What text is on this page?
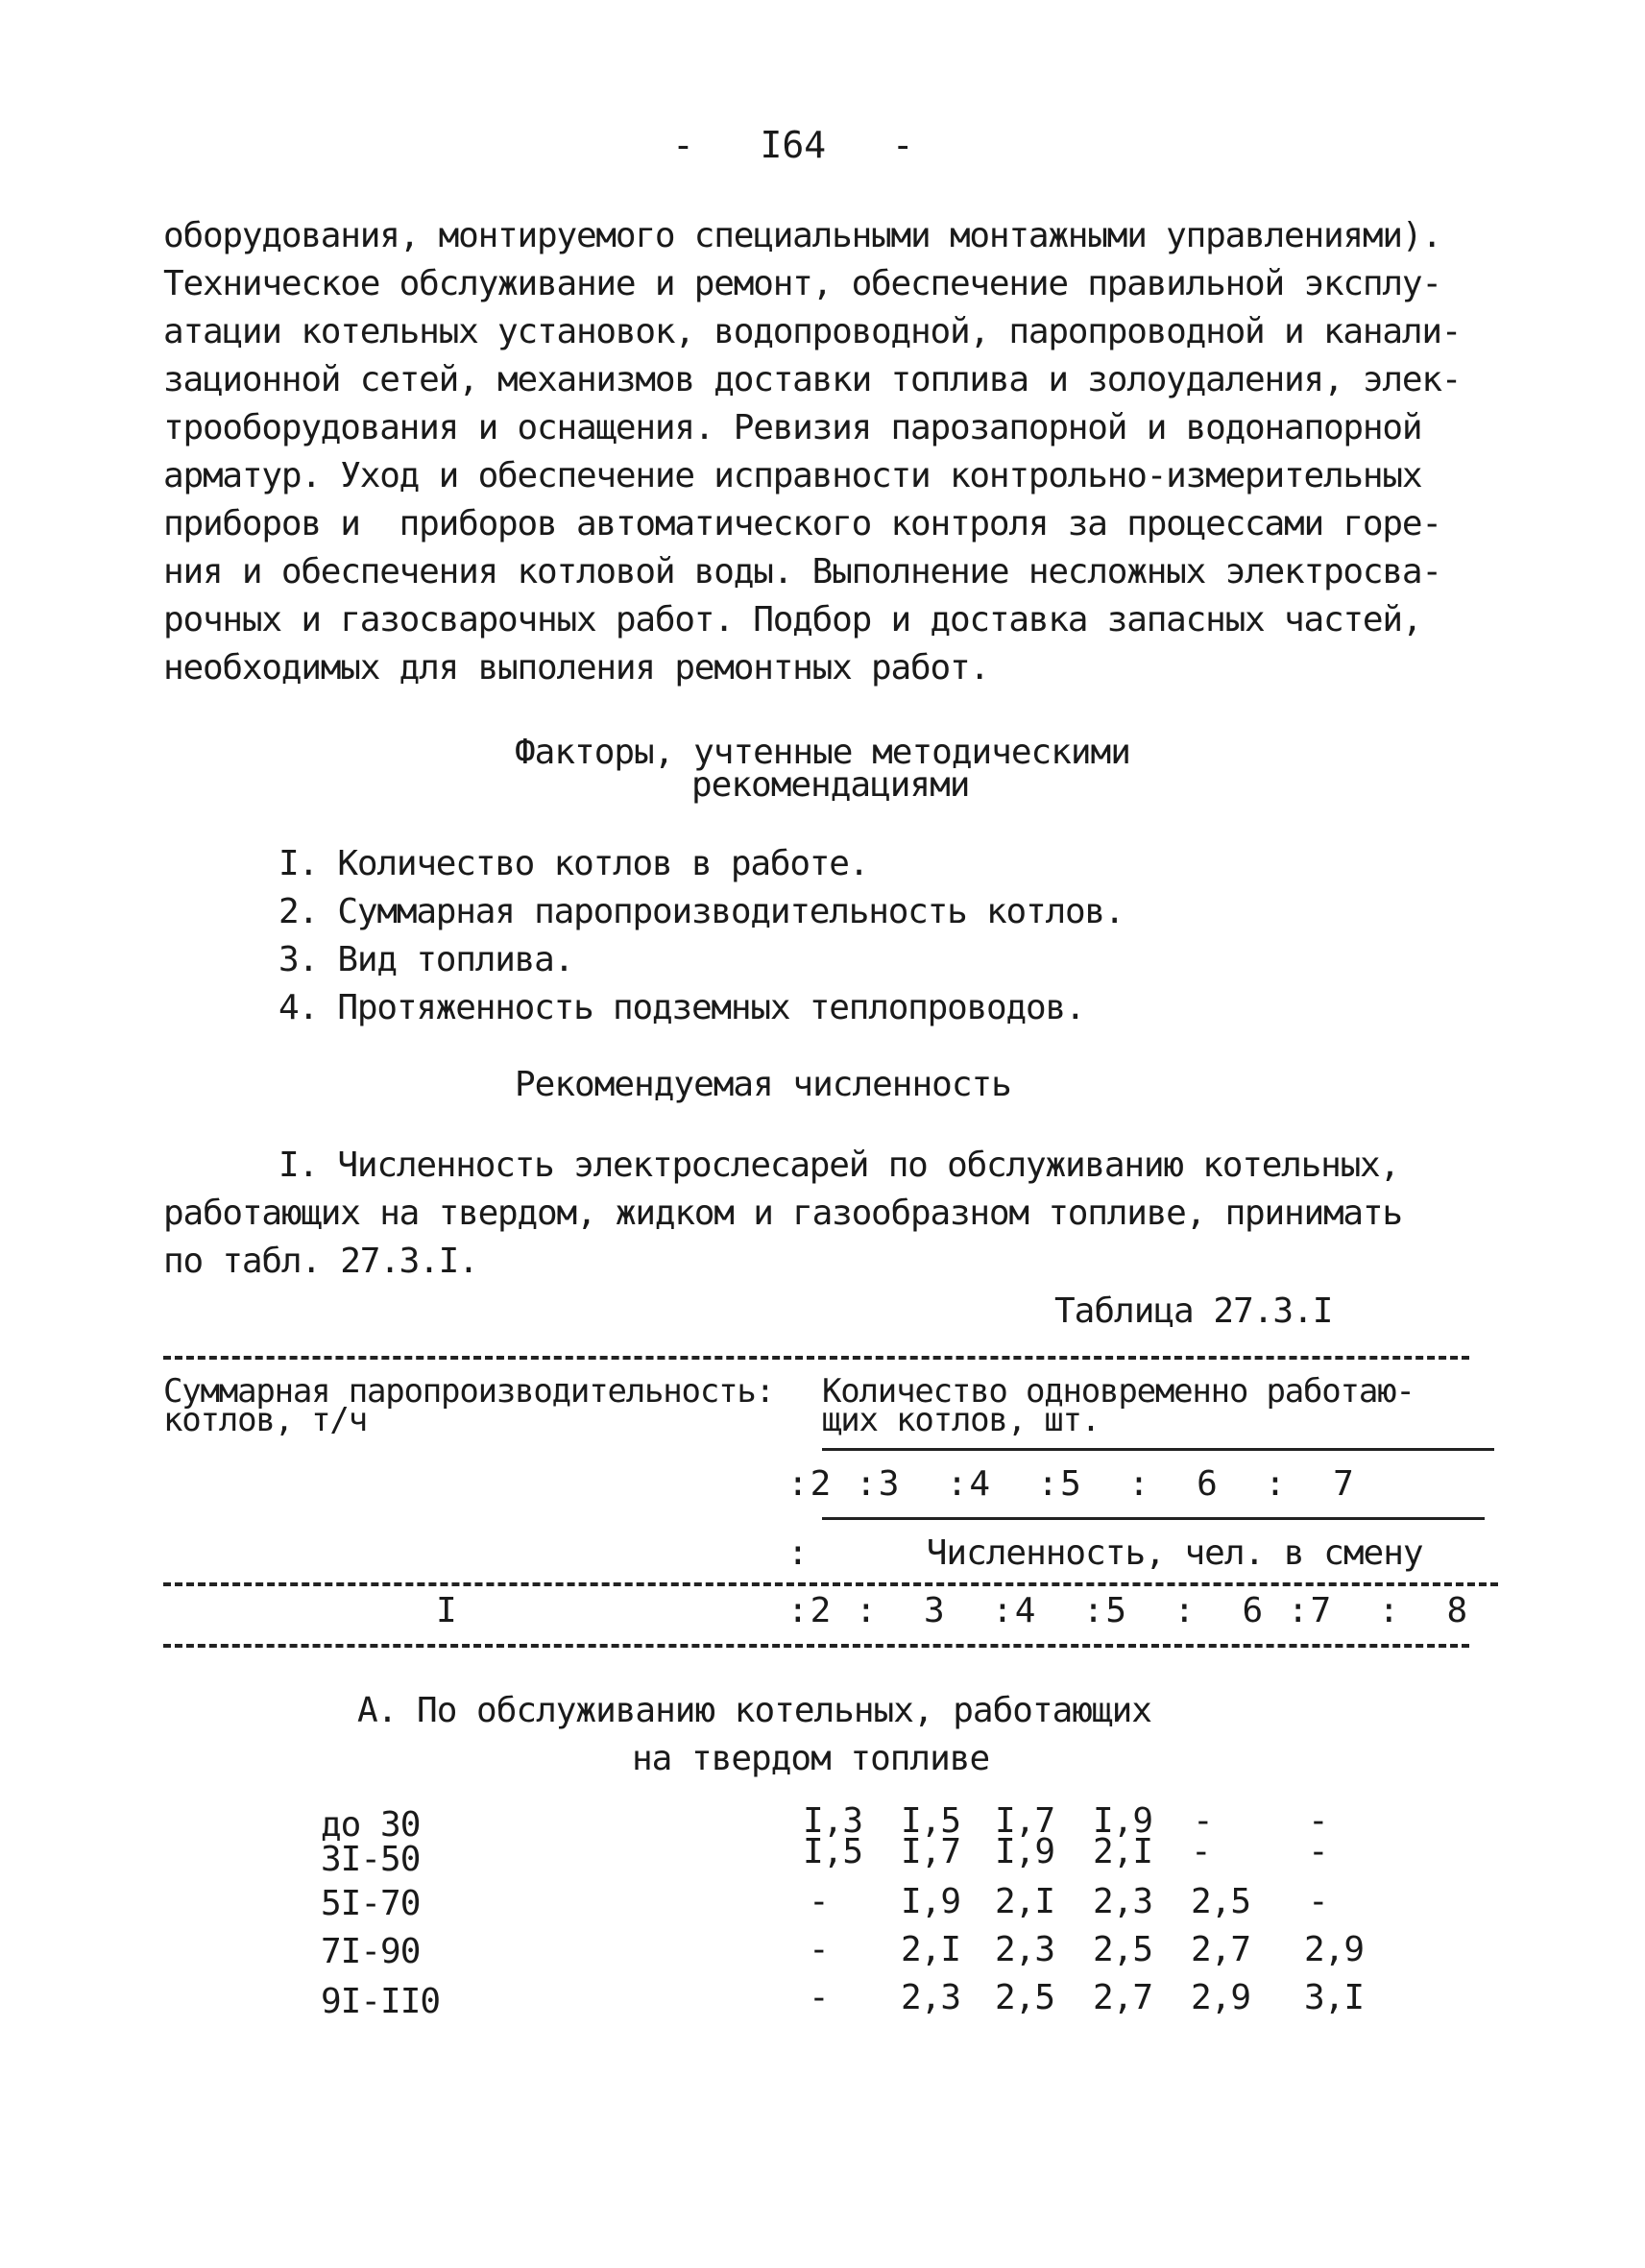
-   I64   -
оборудования, монтируемого специальными монтажными управлениями).
Техническое обслуживание и ремонт, обеспечение правильной эксплу-
атации котельных установок, водопроводной, паропроводной и канали-
зационной сетей, механизмов доставки топлива и золоудаления, элек-
трооборудования и оснащения. Ревизия парозапорной и водонапорной
арматур. Уход и обеспечение исправности контрольно-измерительных
приборов и  приборов автоматического контроля за процессами горе-
ния и обеспечения котловой воды. Выполнение несложных электросва-
рочных и газосварочных работ. Подбор и доставка запасных частей,
необходимых для выполения ремонтных работ.
Факторы, учтенные методическими
рекомендациями
I. Количество котлов в работе.
2. Суммарная паропроизводительность котлов.
3. Вид топлива.
4. Протяженность подземных теплопроводов.
Рекомендуемая численность
I. Численность электрослесарей по обслуживанию котельных,
работающих на твердом, жидком и газообразном топливе, принимать
по табл. 27.3.I.
Таблица 27.3.I
Суммарная паропроизводительность:
котлов, т/ч
Количество одновременно работаю-
щих котлов, шт.
:2 :3  :4  :5  :  6  :  7
:      Численность, чел. в смену
I	:2 :  3  :4  :5  :  6 :7  :  8
А. По обслуживанию котельных, работающих
на твердом топливе
до 30	I,3 I,5 I,7 I,9 -	-
3I-50	I,5 I,7 I,9 2,I -	-
5I-70	- I,9 2,I 2,3 2,5 -
7I-90	- 2,I 2,3 2,5 2,7 2,9
9I-II0	- 2,3 2,5 2,7 2,9 3,I
